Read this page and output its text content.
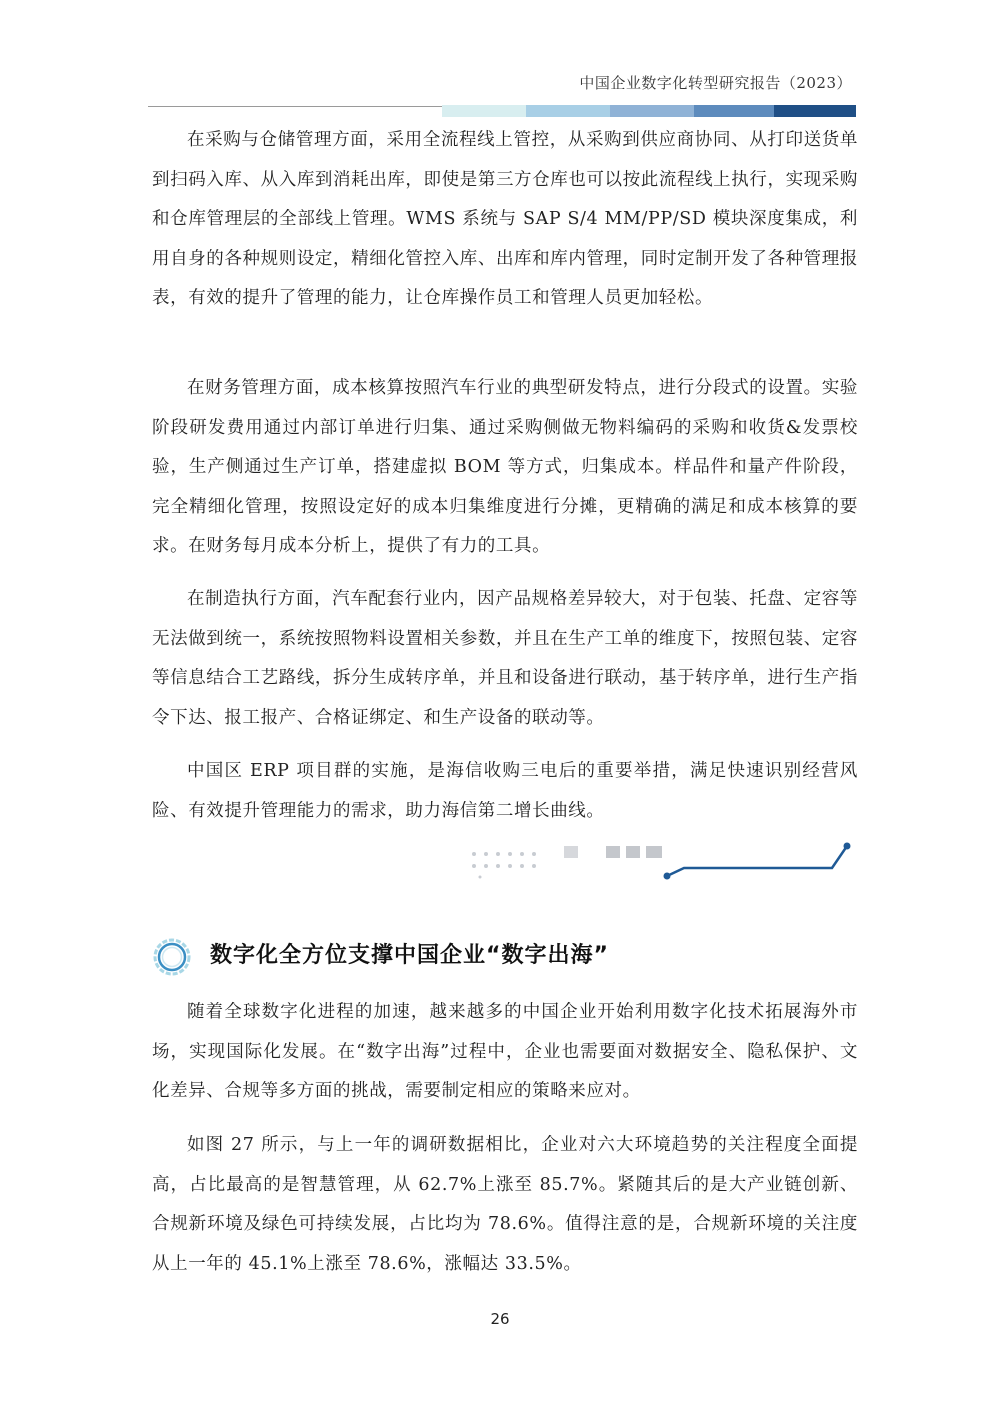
中国企业数字化转型研究报告（2023）

在采购与仓储管理方面，采用全流程线上管控，从采购到供应商协同、从打印送货单到扫码入库、从入库到消耗出库，即使是第三方仓库也可以按此流程线上执行，实现采购和仓库管理层的全部线上管理。WMS 系统与 SAP S/4 MM/PP/SD 模块深度集成，利用自身的各种规则设定，精细化管控入库、出库和库内管理，同时定制开发了各种管理报表，有效的提升了管理的能力，让仓库操作员工和管理人员更加轻松。

在财务管理方面，成本核算按照汽车行业的典型研发特点，进行分段式的设置。实验阶段研发费用通过内部订单进行归集、通过采购侧做无物料编码的采购和收货&发票校验，生产侧通过生产订单，搭建虚拟 BOM 等方式，归集成本。样品件和量产件阶段，完全精细化管理，按照设定好的成本归集维度进行分摊，更精确的满足和成本核算的要求。在财务每月成本分析上，提供了有力的工具。

在制造执行方面，汽车配套行业内，因产品规格差异较大，对于包装、托盘、定容等无法做到统一，系统按照物料设置相关参数，并且在生产工单的维度下，按照包装、定容等信息结合工艺路线，拆分生成转序单，并且和设备进行联动，基于转序单，进行生产指令下达、报工报产、合格证绑定、和生产设备的联动等。

中国区 ERP 项目群的实施，是海信收购三电后的重要举措，满足快速识别经营风险、有效提升管理能力的需求，助力海信第二增长曲线。

数字化全方位支撑中国企业“数字出海”

随着全球数字化进程的加速，越来越多的中国企业开始利用数字化技术拓展海外市场，实现国际化发展。在“数字出海”过程中，企业也需要面对数据安全、隐私保护、文化差异、合规等多方面的挑战，需要制定相应的策略来应对。

如图 27 所示，与上一年的调研数据相比，企业对六大环境趋势的关注程度全面提高，占比最高的是智慧管理，从 62.7%上涨至 85.7%。紧随其后的是大产业链创新、合规新环境及绿色可持续发展，占比均为 78.6%。值得注意的是，合规新环境的关注度从上一年的 45.1%上涨至 78.6%，涨幅达 33.5%。

26
